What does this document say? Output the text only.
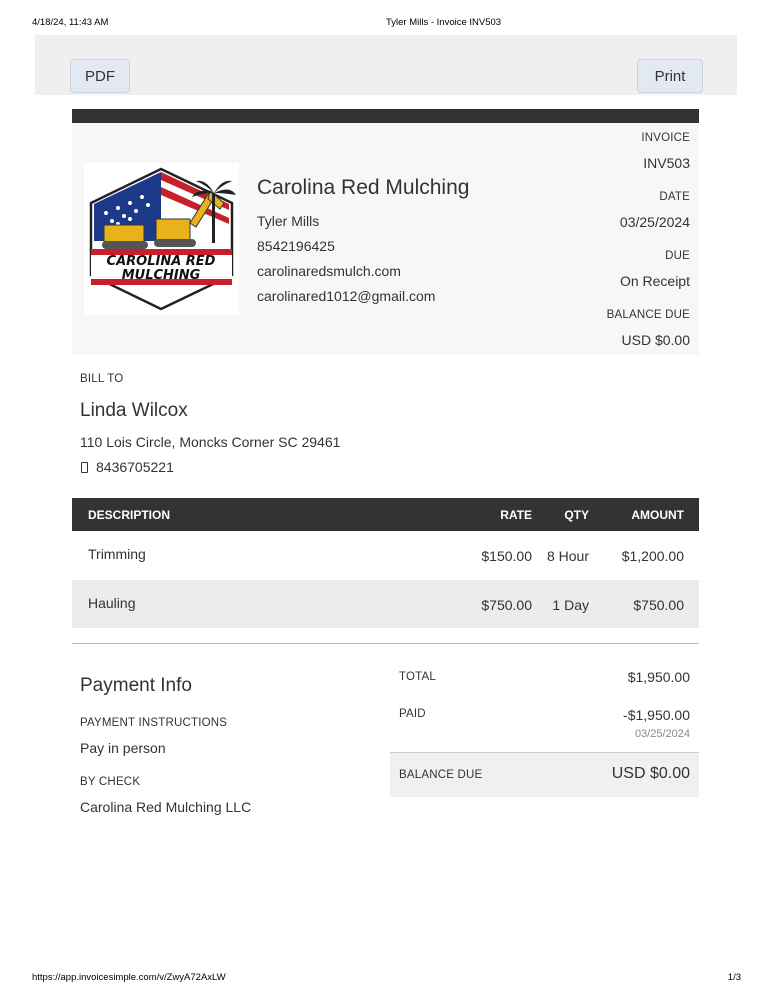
4/18/24, 11:43 AM	Tyler Mills - Invoice INV503
PDF	Print
CAROLINA RED
MULCHING
Carolina Red Mulching
Tyler Mills
8542196425
carolinaredsmulch.com
carolinared1012@gmail.com
INVOICE
INV503
DATE
03/25/2024
DUE
On Receipt
BALANCE DUE
USD $0.00
BILL TO
Linda Wilcox
110 Lois Circle, Moncks Corner SC 29461
8436705221
DESCRIPTION	RATE	QTY	AMOUNT
Trimming	$150.00 8 Hour $1,200.00
Hauling	$750.00 1 Day	$750.00
Payment Info
PAYMENT INSTRUCTIONS
Pay in person
BY CHECK
Carolina Red Mulching LLC
TOTAL	$1,950.00
PAID	-$1,950.00
03/25/2024
BALANCE DUE	USD $0.00
https://app.invoicesimple.com/v/ZwyA72AxLW	1/3
